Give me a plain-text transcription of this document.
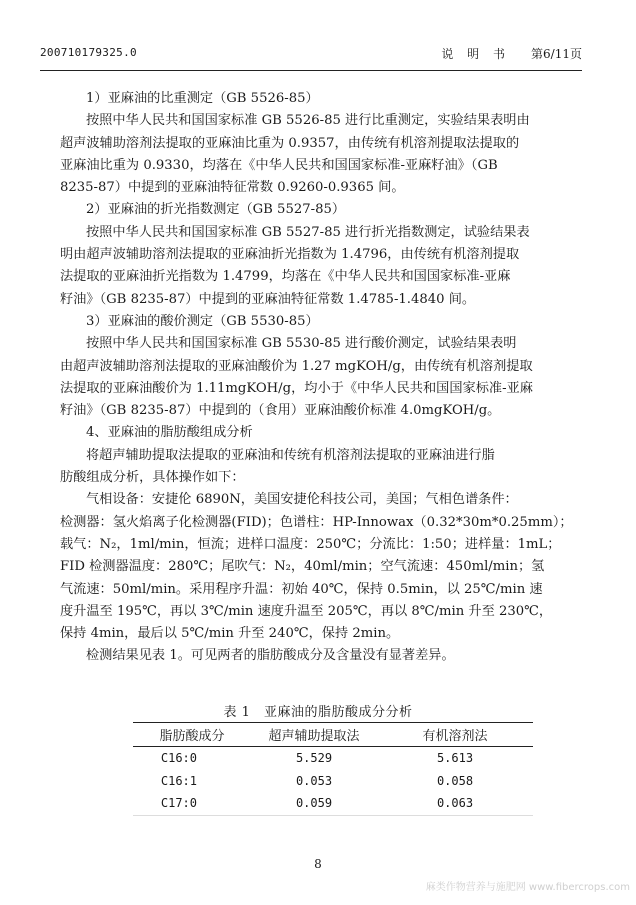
200710179325.0	说 明 书 第6/11页

1）亚麻油的比重测定（GB 5526-85）

按照中华人民共和国国家标准 GB 5526-85 进行比重测定，实验结果表明由

超声波辅助溶剂法提取的亚麻油比重为 0.9357，由传统有机溶剂提取法提取的

亚麻油比重为 0.9330，均落在《中华人民共和国国家标准-亚麻籽油》（GB

8235-87）中提到的亚麻油特征常数 0.9260-0.9365 间。

2）亚麻油的折光指数测定（GB 5527-85）

按照中华人民共和国国家标准 GB 5527-85 进行折光指数测定，试验结果表

明由超声波辅助溶剂法提取的亚麻油折光指数为 1.4796，由传统有机溶剂提取

法提取的亚麻油折光指数为 1.4799，均落在《中华人民共和国国家标准-亚麻

籽油》（GB 8235-87）中提到的亚麻油特征常数 1.4785-1.4840 间。

3）亚麻油的酸价测定（GB 5530-85）

按照中华人民共和国国家标准 GB 5530-85 进行酸价测定，试验结果表明

由超声波辅助溶剂法提取的亚麻油酸价为 1.27 mgKOH/g，由传统有机溶剂提取

法提取的亚麻油酸价为 1.11mgKOH/g，均小于《中华人民共和国国家标准-亚麻

籽油》（GB 8235-87）中提到的（食用）亚麻油酸价标准 4.0mgKOH/g。

4、亚麻油的脂肪酸组成分析

将超声辅助提取法提取的亚麻油和传统有机溶剂法提取的亚麻油进行脂

肪酸组成分析，具体操作如下：

气相设备：安捷伦 6890N，美国安捷伦科技公司，美国；气相色谱条件：
检测器：氢火焰离子化检测器(FID)；色谱柱：HP-Innowax（0.32*30m*0.25mm）；
载气：N₂，1ml/min，恒流；进样口温度：250℃；分流比：1:50；进样量：1mL；
FID 检测器温度：280℃；尾吹气：N₂，40ml/min；空气流速：450ml/min；氢
气流速：50ml/min。采用程序升温：初始 40℃，保持 0.5min，以 25℃/min 速
度升温至 195℃，再以 3℃/min 速度升温至 205℃，再以 8℃/min 升至 230℃，
保持 4min，最后以 5℃/min 升至 240℃，保持 2min。

检测结果见表 1。可见两者的脂肪酸成分及含量没有显著差异。

表 1　亚麻油的脂肪酸成分分析
脂肪酸成分	超声辅助提取法	有机溶剂法
C16:0	5.529	5.613
C16:1	0.053	0.058
C17:0	0.059	0.063
8
麻类作物营养与施肥网 www.fibercrops.com
